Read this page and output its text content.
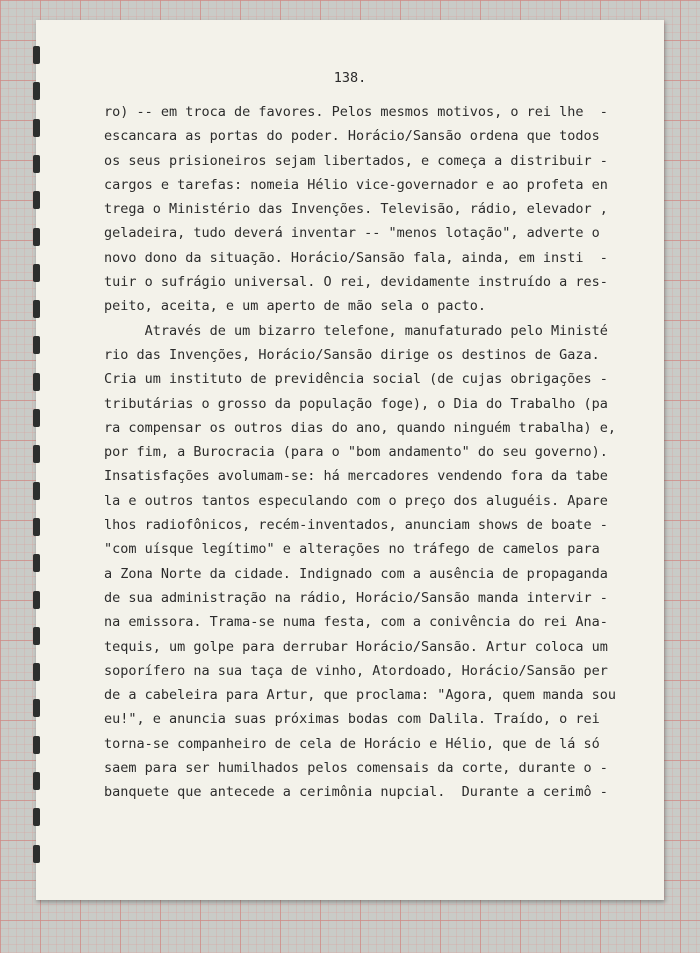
138.
ro) -- em troca de favores. Pelos mesmos motivos, o rei lhe  -
escancara as portas do poder. Horácio/Sansão ordena que todos
os seus prisioneiros sejam libertados, e começa a distribuir -
cargos e tarefas: nomeia Hélio vice-governador e ao profeta en
trega o Ministério das Invenções. Televisão, rádio, elevador ,
geladeira, tudo deverá inventar -- "menos lotação", adverte o
novo dono da situação. Horácio/Sansão fala, ainda, em insti  -
tuir o sufrágio universal. O rei, devidamente instruído a res-
peito, aceita, e um aperto de mão sela o pacto.
Através de um bizarro telefone, manufaturado pelo Ministé
rio das Invenções, Horácio/Sansão dirige os destinos de Gaza.
Cria um instituto de previdência social (de cujas obrigações -
tributárias o grosso da população foge), o Dia do Trabalho (pa
ra compensar os outros dias do ano, quando ninguém trabalha) e,
por fim, a Burocracia (para o "bom andamento" do seu governo).
Insatisfações avolumam-se: há mercadores vendendo fora da tabe
la e outros tantos especulando com o preço dos aluguéis. Apare
lhos radiofônicos, recém-inventados, anunciam shows de boate -
"com uísque legítimo" e alterações no tráfego de camelos para
a Zona Norte da cidade. Indignado com a ausência de propaganda
de sua administração na rádio, Horácio/Sansão manda intervir -
na emissora. Trama-se numa festa, com a conivência do rei Ana-
tequis, um golpe para derrubar Horácio/Sansão. Artur coloca um
soporífero na sua taça de vinho, Atordoado, Horácio/Sansão per
de a cabeleira para Artur, que proclama: "Agora, quem manda sou
eu!", e anuncia suas próximas bodas com Dalila. Traído, o rei
torna-se companheiro de cela de Horácio e Hélio, que de lá só
saem para ser humilhados pelos comensais da corte, durante o -
banquete que antecede a cerimônia nupcial.  Durante a cerimô -
